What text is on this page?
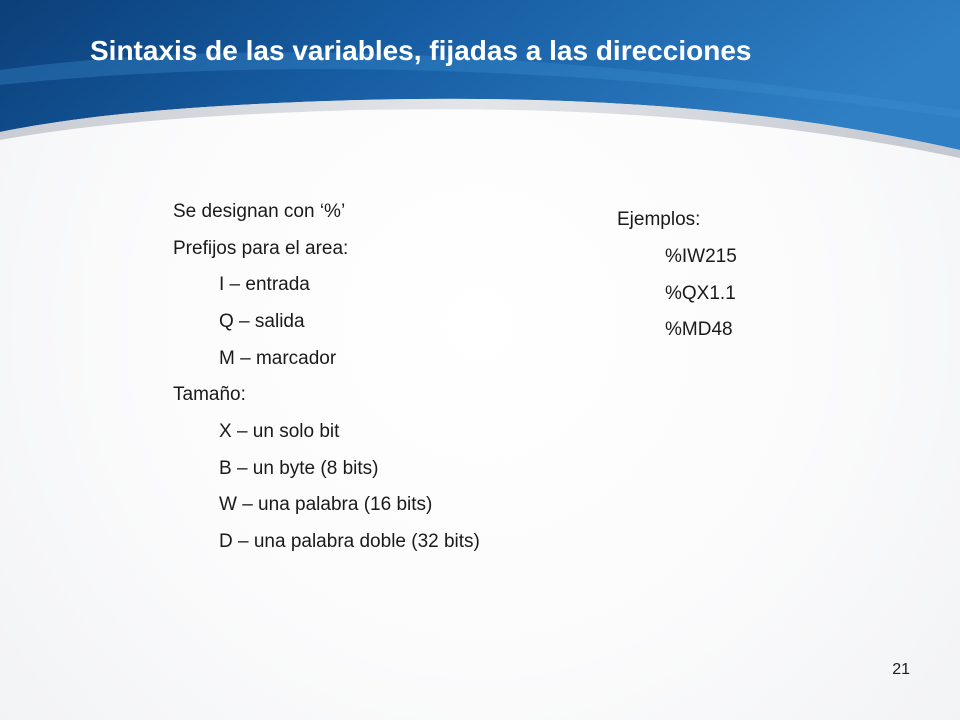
Sintaxis de las variables, fijadas a las direcciones
Se designan con ‘%’
Prefijos para el area:
I – entrada
Q – salida
M – marcador
Tamaño:
X – un solo bit
B – un byte (8 bits)
W – una palabra (16 bits)
D – una palabra doble (32 bits)
Ejemplos:
%IW215
%QX1.1
%MD48
21
